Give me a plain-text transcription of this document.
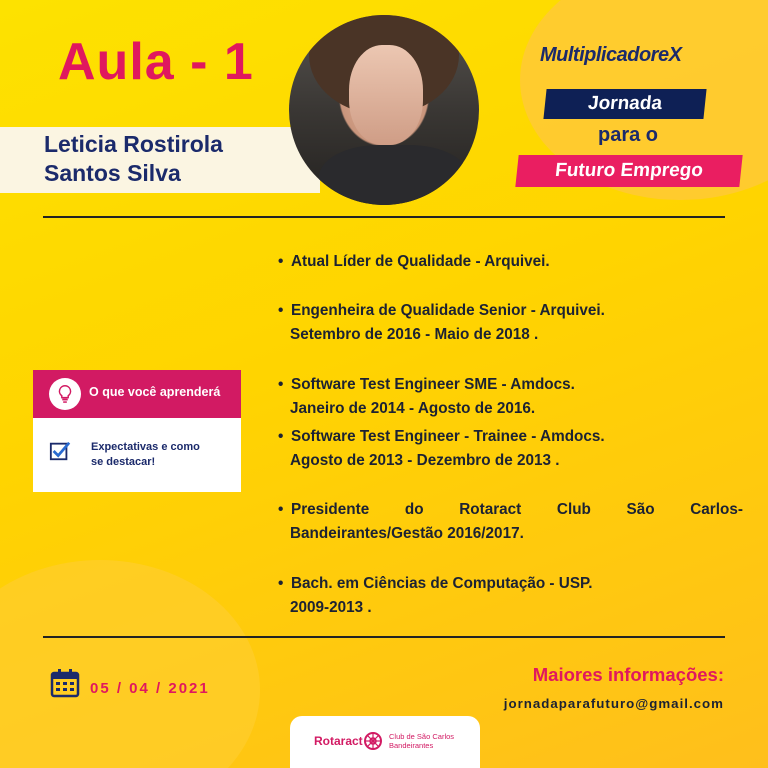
Aula - 1
Leticia Rostirola
Santos Silva
MultiplicadoreX
Jornada
para o
Futuro Emprego
• Atual Líder de Qualidade - Arquivei.
• Engenheira de Qualidade Senior - Arquivei.
Setembro de 2016 - Maio de 2018 .
• Software Test Engineer SME - Amdocs.
Janeiro de 2014 - Agosto de 2016.
• Software Test Engineer - Trainee - Amdocs.
Agosto de 2013 - Dezembro de 2013 .
• Presidente do Rotaract Club São Carlos-
Bandeirantes/Gestão 2016/2017.
• Bach. em Ciências de Computação - USP.
2009-2013 .
O que você aprenderá
Expectativas e como
se destacar!
05 / 04 / 2021
Maiores informações:
jornadaparafuturo@gmail.com
Rotaract	Club de São Carlos
Bandeirantes
